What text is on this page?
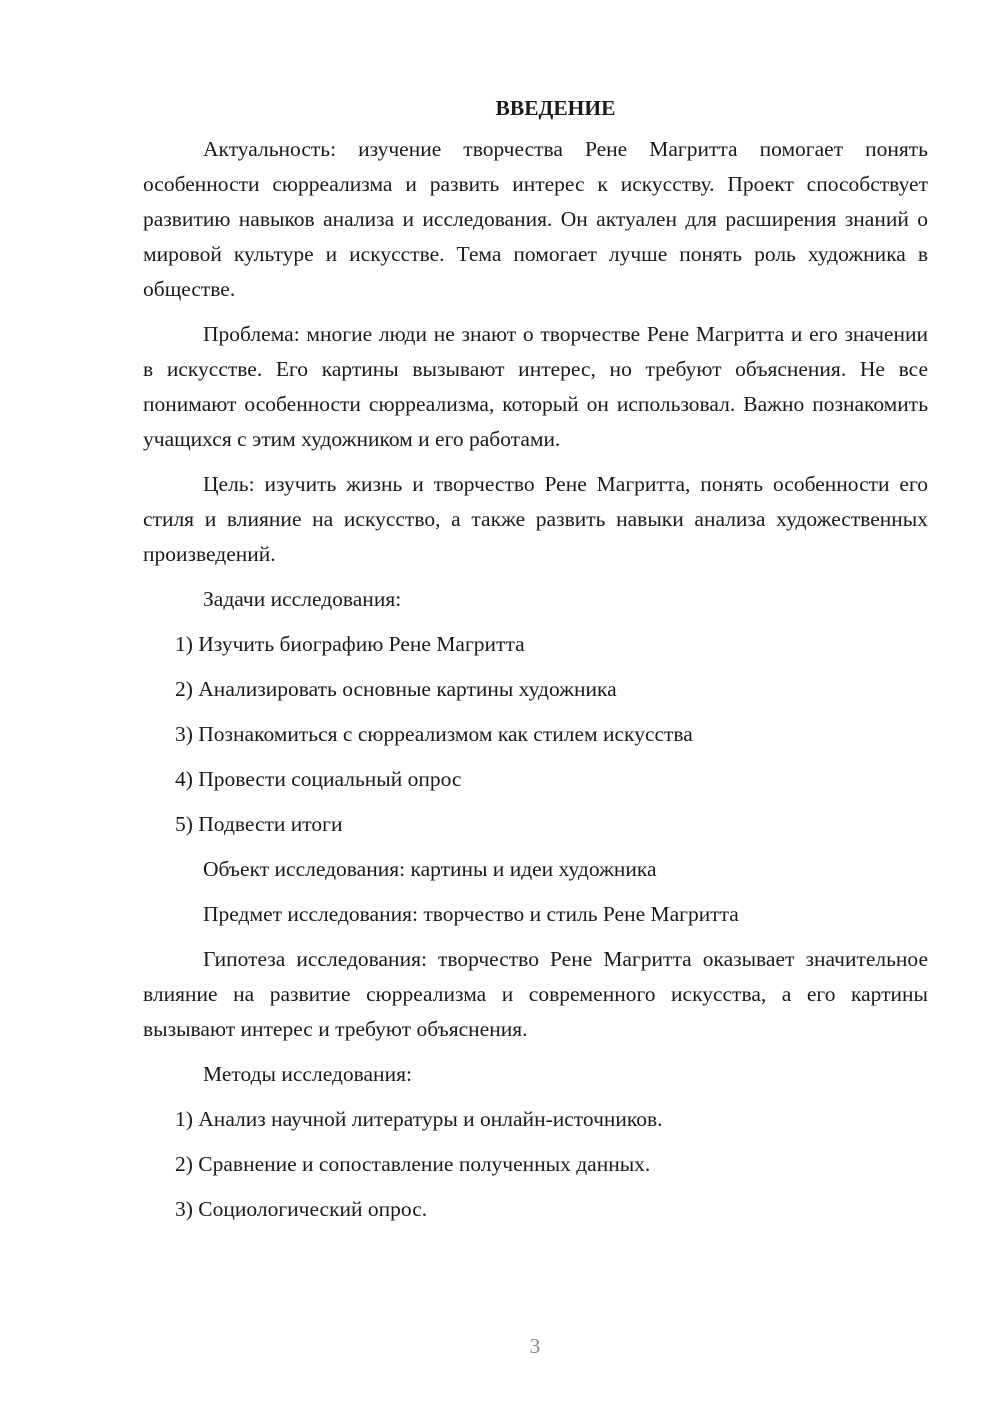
ВВЕДЕНИЕ

Актуальность: изучение творчества Рене Магритта помогает понять особенности сюрреализма и развить интерес к искусству. Проект способствует развитию навыков анализа и исследования. Он актуален для расширения знаний о мировой культуре и искусстве. Тема помогает лучше понять роль художника в обществе.

Проблема: многие люди не знают о творчестве Рене Магритта и его значении в искусстве. Его картины вызывают интерес, но требуют объяснения. Не все понимают особенности сюрреализма, который он использовал. Важно познакомить учащихся с этим художником и его работами.

Цель: изучить жизнь и творчество Рене Магритта, понять особенности его стиля и влияние на искусство, а также развить навыки анализа художественных произведений.

Задачи исследования:

1) Изучить биографию Рене Магритта
2) Анализировать основные картины художника
3) Познакомиться с сюрреализмом как стилем искусства
4) Провести социальный опрос
5) Подвести итоги

Объект исследования: картины и идеи художника

Предмет исследования: творчество и стиль Рене Магритта

Гипотеза исследования: творчество Рене Магритта оказывает значительное влияние на развитие сюрреализма и современного искусства, а его картины вызывают интерес и требуют объяснения.

Методы исследования:

1) Анализ научной литературы и онлайн-источников.
2) Сравнение и сопоставление полученных данных.
3) Социологический опрос.
3
